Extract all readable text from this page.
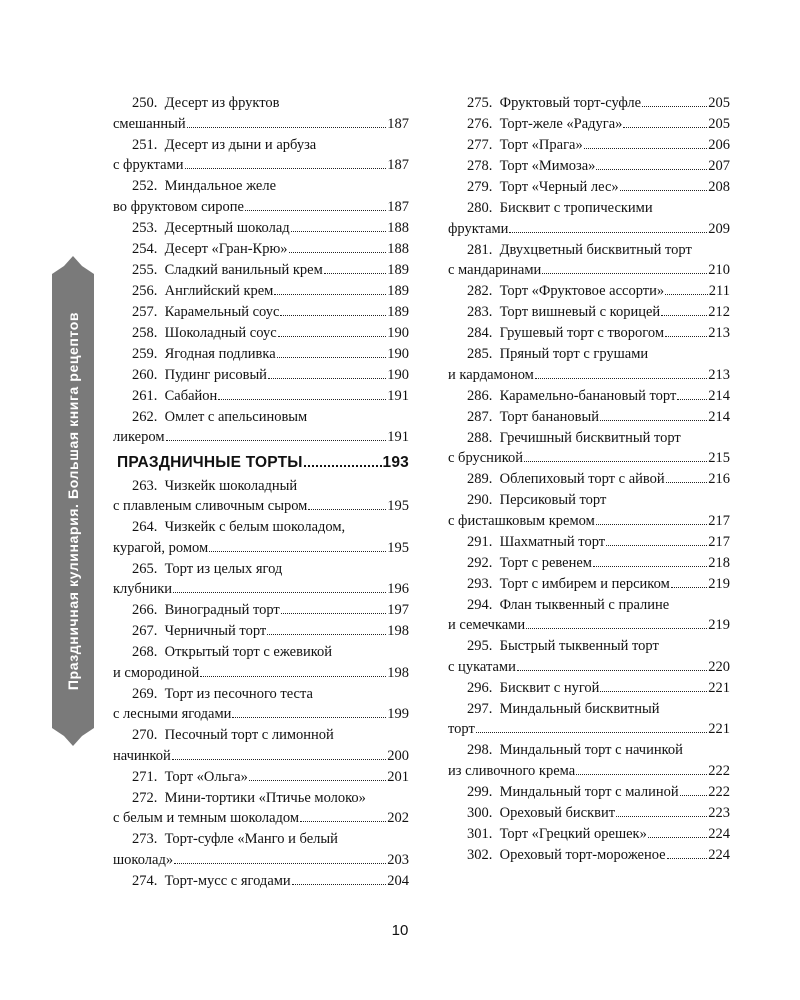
Праздничная кулинария. Большая книга рецептов
250.  Десерт из фруктов
смешанный	187
251.  Десерт из дыни и арбуза
с фруктами	187
252.  Миндальное желе
во фруктовом сиропе	187
253.  Десертный шоколад	188
254.  Десерт «Гран-Крю»	188
255.  Сладкий ванильный крем	189
256.  Английский крем	189
257.  Карамельный соус	189
258.  Шоколадный соус	190
259.  Ягодная подливка	190
260.  Пудинг рисовый	190
261.  Сабайон	191
262.  Омлет с апельсиновым
ликером	191
ПРАЗДНИЧНЫЕ ТОРТЫ	193
263.  Чизкейк шоколадный
с плавленым сливочным сыром	195
264.  Чизкейк с белым шоколадом,
курагой, ромом	195
265.  Торт из целых ягод
клубники	196
266.  Виноградный торт	197
267.  Черничный торт	198
268.  Открытый торт с ежевикой
и смородиной	198
269.  Торт из песочного теста
с лесными ягодами	199
270.  Песочный торт с лимонной
начинкой	200
271.  Торт «Ольга»	201
272.  Мини-тортики «Птичье молоко»
с белым и темным шоколадом	202
273.  Торт-суфле «Манго и белый
шоколад»	203
274.  Торт-мусс с ягодами	204
275.  Фруктовый торт-суфле	205
276.  Торт-желе «Радуга»	205
277.  Торт «Прага»	206
278.  Торт «Мимоза»	207
279.  Торт «Черный лес»	208
280.  Бисквит с тропическими
фруктами	209
281.  Двухцветный бисквитный торт
с мандаринами	210
282.  Торт «Фруктовое ассорти»	211
283.  Торт вишневый с корицей	212
284.  Грушевый торт с творогом	213
285.  Пряный торт с грушами
и кардамоном	213
286.  Карамельно-банановый торт 214
287.  Торт банановый	214
288.  Гречишный бисквитный торт
с брусникой	215
289.  Облепиховый торт с айвой	216
290.  Персиковый торт
с фисташковым кремом	217
291.  Шахматный торт	217
292.  Торт с ревенем	218
293.  Торт с имбирем и персиком	219
294.  Флан тыквенный с пралине
и семечками	219
295.  Быстрый тыквенный торт
с цукатами	220
296.  Бисквит с нугой	221
297.  Миндальный бисквитный
торт	221
298.  Миндальный торт с начинкой
из сливочного крема	222
299.  Миндальный торт с малиной 222
300.  Ореховый бисквит	223
301.  Торт «Грецкий орешек»	224
302.  Ореховый торт-мороженое	224
10
